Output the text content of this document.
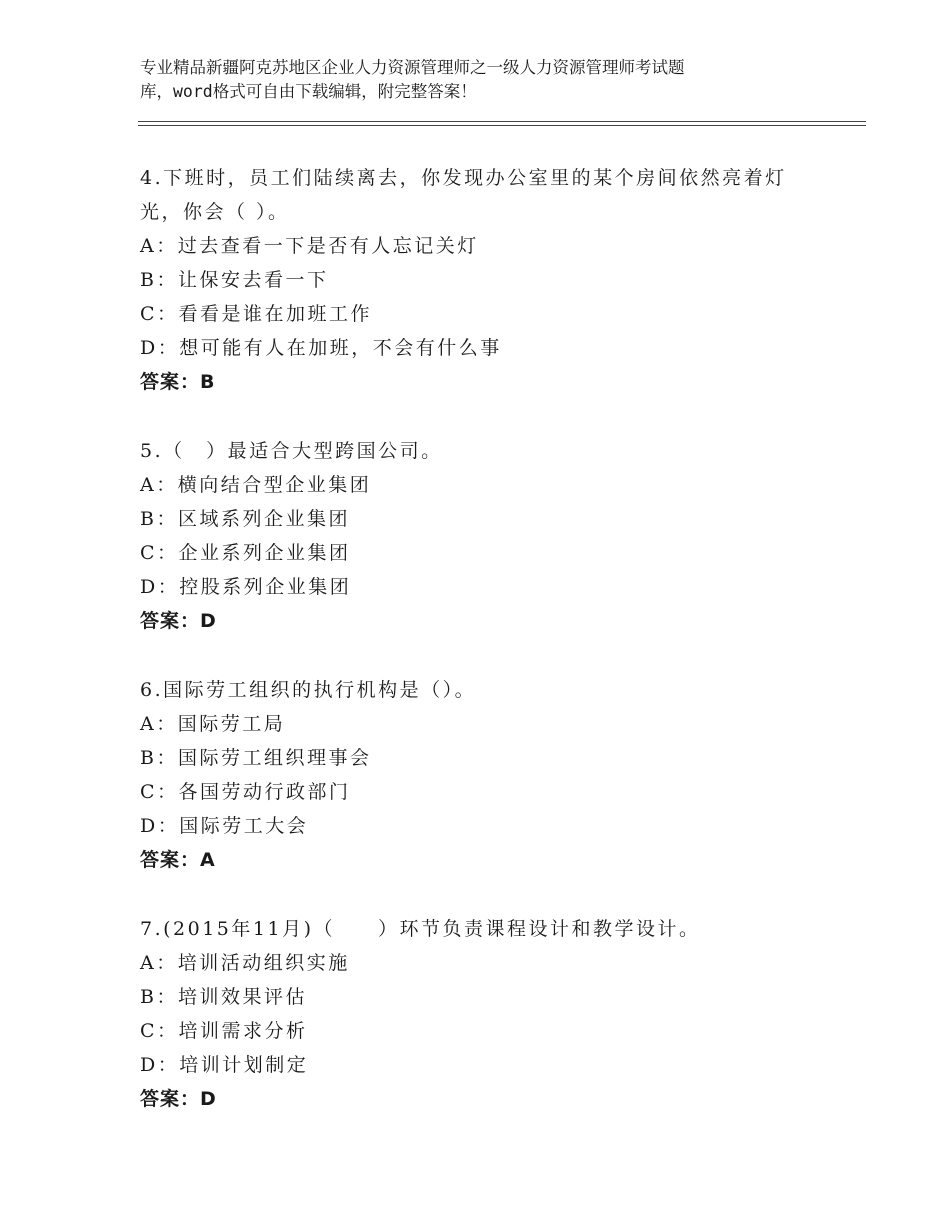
专业精品新疆阿克苏地区企业人力资源管理师之一级人力资源管理师考试题
库，word格式可自由下载编辑，附完整答案！
4.下班时，员工们陆续离去，你发现办公室里的某个房间依然亮着灯
光，你会（ ）。
A：过去查看一下是否有人忘记关灯
B：让保安去看一下
C：看看是谁在加班工作
D：想可能有人在加班，不会有什么事
答案：B
5.（　）最适合大型跨国公司。
A：横向结合型企业集团
B：区域系列企业集团
C：企业系列企业集团
D：控股系列企业集团
答案：D
6.国际劳工组织的执行机构是（）。
A：国际劳工局
B：国际劳工组织理事会
C：各国劳动行政部门
D：国际劳工大会
答案：A
7.(2015年11月)（　　）环节负责课程设计和教学设计。
A：培训活动组织实施
B：培训效果评估
C：培训需求分析
D：培训计划制定
答案：D
